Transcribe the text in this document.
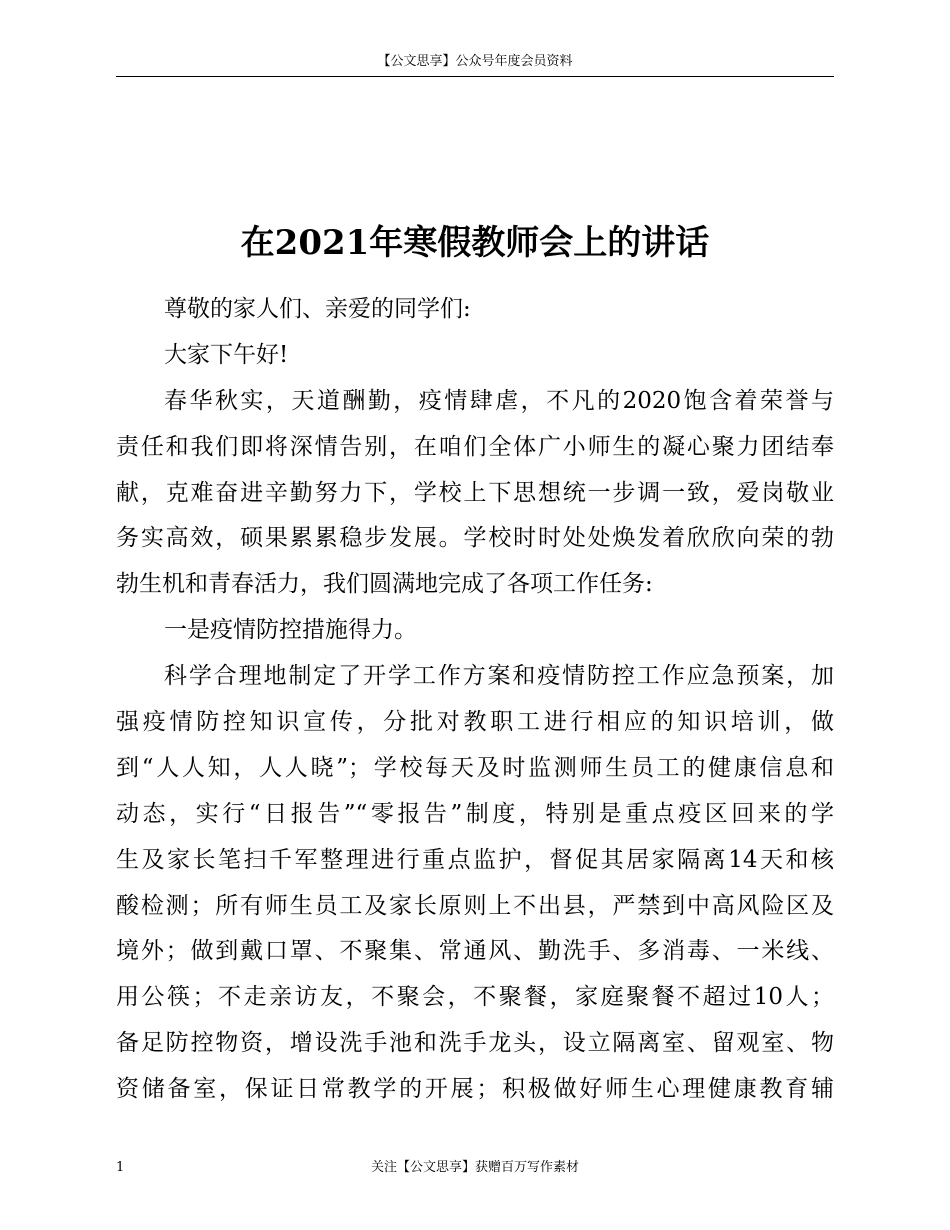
【公文思享】公众号年度会员资料
在2021年寒假教师会上的讲话
尊敬的家人们、亲爱的同学们:
大家下午好!
春华秋实，天道酬勤，疫情肆虐，不凡的2020饱含着荣誉与
责任和我们即将深情告别，在咱们全体广小师生的凝心聚力团结奉
献，克难奋进辛勤努力下，学校上下思想统一步调一致，爱岗敬业
务实高效，硕果累累稳步发展。学校时时处处焕发着欣欣向荣的勃
勃生机和青春活力，我们圆满地完成了各项工作任务:
一是疫情防控措施得力。
科学合理地制定了开学工作方案和疫情防控工作应急预案，加
强疫情防控知识宣传，分批对教职工进行相应的知识培训，做
到“人人知，人人晓”；学校每天及时监测师生员工的健康信息和
动态，实行“日报告”“零报告”制度，特别是重点疫区回来的学
生及家长笔扫千军整理进行重点监护，督促其居家隔离14天和核
酸检测；所有师生员工及家长原则上不出县，严禁到中高风险区及
境外；做到戴口罩、不聚集、常通风、勤洗手、多消毒、一米线、
用公筷；不走亲访友，不聚会，不聚餐，家庭聚餐不超过10人；
备足防控物资，增设洗手池和洗手龙头，设立隔离室、留观室、物
资储备室，保证日常教学的开展；积极做好师生心理健康教育辅
1	关注【公文思享】获赠百万写作素材
